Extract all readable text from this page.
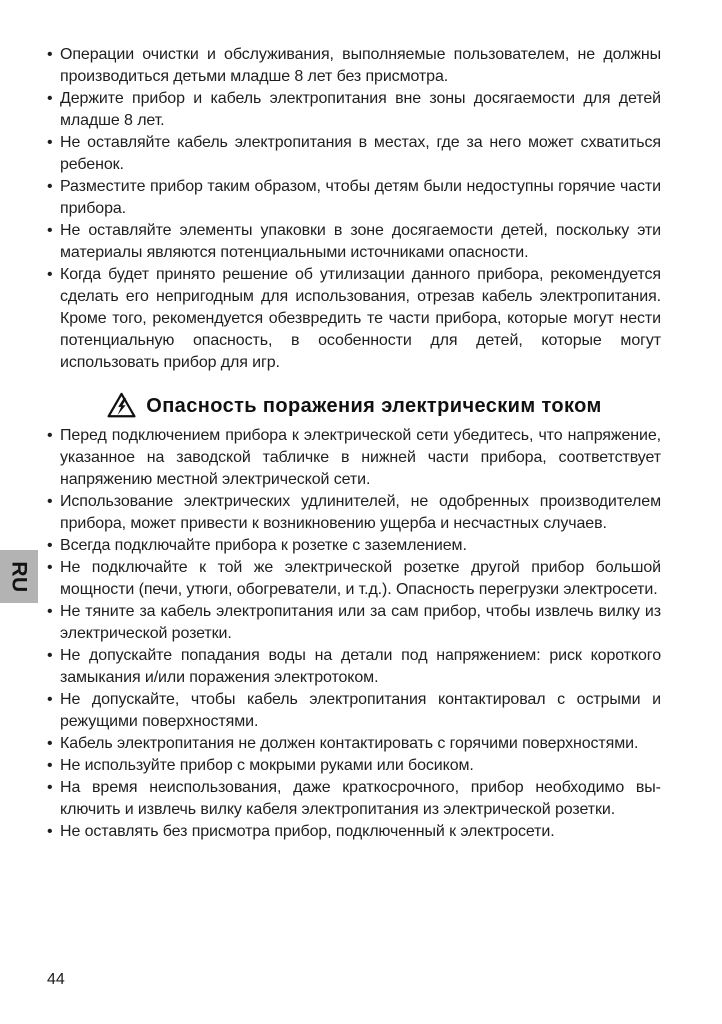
• Операции очистки и обслуживания, выполняемые пользователем, не должны производиться детьми младше 8 лет без присмотра.
• Держите прибор и кабель электропитания вне зоны досягаемости для детей младше 8 лет.
• Не оставляйте кабель электропитания в местах, где за него может схватиться ребенок.
• Разместите прибор таким образом, чтобы детям были недоступны горячие части прибора.
• Не оставляйте элементы упаковки в зоне досягаемости детей, поскольку эти материалы являются потенциальными источниками опасности.
• Когда будет принято решение об утилизации данного прибора, рекомендуется сделать его непригодным для использования, отрезав кабель электропитания. Кроме того, рекомендуется обезвредить те части прибора, которые могут нести потенциальную опасность, в особенности для детей, которые могут использовать прибор для игр.
Опасность поражения электрическим током
• Перед подключением прибора к электрической сети убедитесь, что напряжение, указанное на заводской табличке в нижней части прибора, соответствует напряжению местной электрической сети.
• Использование электрических удлинителей, не одобренных производителем прибора, может привести к возникновению ущерба и несчастных случаев.
• Всегда подключайте прибора к розетке с заземлением.
• Не подключайте к той же электрической розетке другой прибор большой мощности (печи, утюги, обогреватели, и т.д.). Опасность перегрузки электросети.
• Не тяните за кабель электропитания или за сам прибор, чтобы извлечь вилку из электрической розетки.
• Не допускайте попадания воды на детали под напряжением: риск короткого замыкания и/или поражения электротоком.
• Не допускайте, чтобы кабель электропитания контактировал с острыми и режущими поверхностями.
• Кабель электропитания не должен контактировать с горячими поверхностями.
• Не используйте прибор с мокрыми руками или босиком.
• На время неиспользования, даже краткосрочного, прибор необходимо выключить и извлечь вилку кабеля электропитания из электрической розетки.
• Не оставлять без присмотра прибор, подключенный к электросети.
RU
44
